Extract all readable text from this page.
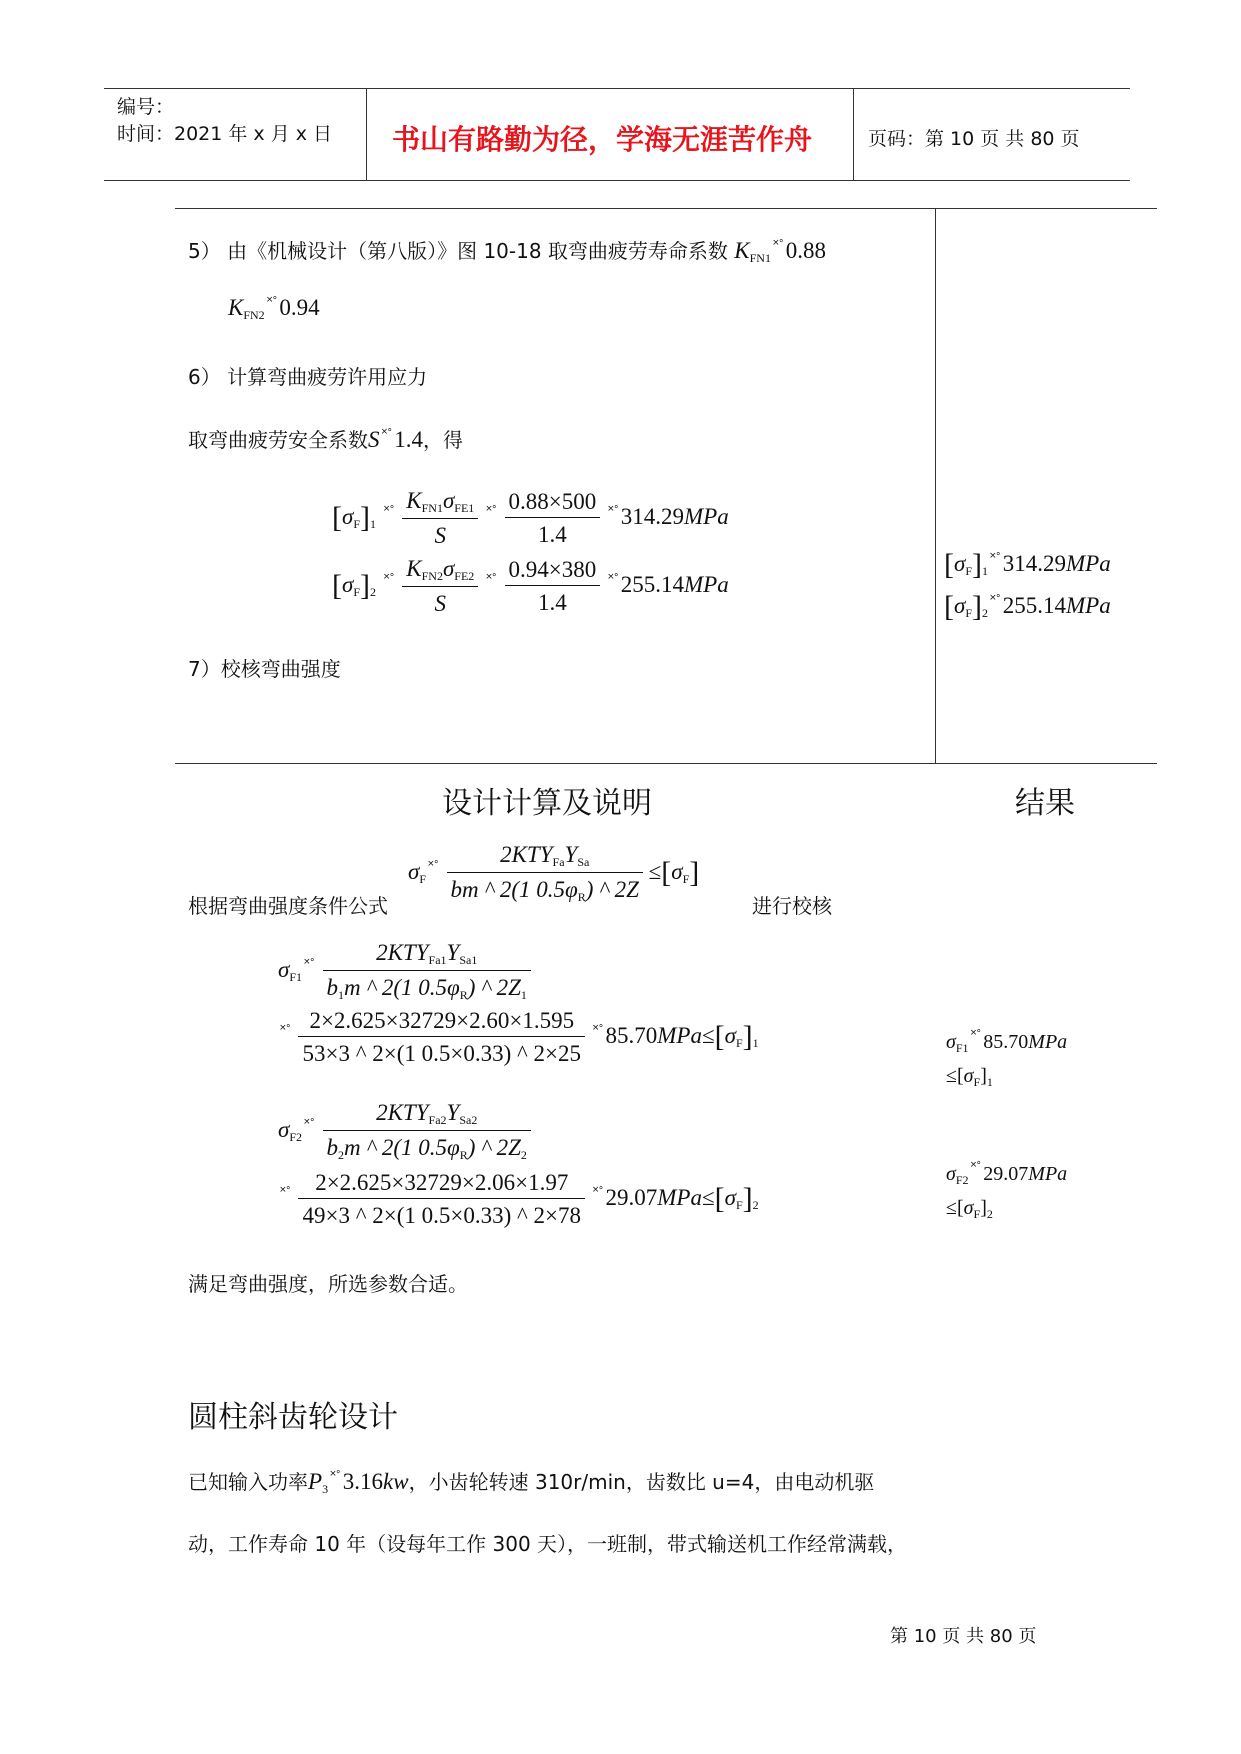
编号：
时间：2021 年 x 月 x 日 书山有路勤为径，学海无涯苦作舟	页码：第 10 页 共 80 页
5） 由《机械设计（第八版）》图 10-18 取弯曲疲劳寿命系数 $K_{FN1}^{˟˚}0.88$
$K_{FN2}^{˟˚}0.94$
6） 计算弯曲疲劳许用应力
取弯曲疲劳安全系数S ˟˚1.4，得
$[\sigma_F]_1$ $^{˟˚} \frac{K_{FN1}\sigma_{FE1}}{S} ^{˟˚} \frac{0.88\times 500}{1.4} ^{˟˚}314.29MPa$
$[\sigma_F]_2$ $^{˟˚} \frac{K_{FN2}\sigma_{FE2}}{S} ^{˟˚} \frac{0.94\times 380}{1.4} ^{˟˚}255.14MPa$
$[\sigma_F]_1^{˟˚}314.29MPa$
$[\sigma_F]_2^{˟˚}255.14MPa$
7）校核弯曲强度
设计计算及说明	结果
根据弯曲强度条件公式
$\sigma_F^{˟˚} \frac{2KTY_{Fa}Y_{Sa}}{bm \^{} 2(1 0.5\varphi_R) \^{} 2Z} \le[\sigma_F]$
进行校核
$\sigma_{F1}^{˟˚} \frac{2KTY_{Fa1}Y_{Sa1}}{b_1m \^{} 2(1 0.5\varphi_R) \^{} 2Z_1}$
$^{˟˚} \frac{2\times 2.625\times 32729\times 2.60\times 1.595}{53\times 3 \^{} 2\times(1 0.5\times 0.33) \^{} 2\times 25} ^{˟˚}85.70MPa\le[\sigma_F]_1$	$\sigma_{F1}^{˟˚}$ 85.70MPa
$\le[\sigma_F]_1$
$\sigma_{F2}^{˟˚} \frac{2KTY_{Fa2}Y_{Sa2}}{b_2m \^{} 2(1 0.5\varphi_R) \^{} 2Z_2}$
$^{˟˚} \frac{2\times 2.625\times 32729\times 2.06\times 1.97}{49\times 3 \^{} 2\times(1 0.5\times 0.33) \^{} 2\times 78} ^{˟˚}29.07MPa\le[\sigma_F]_2$
$\sigma_{F2}^{˟˚}$ 29.07MPa
$\le[\sigma_F]_2$
满足弯曲强度，所选参数合适。
圆柱斜齿轮设计
已知输入功率$P_3^{˟˚}3.16kw$，小齿轮转速 310r/min，齿数比 u=4，由电动机驱
动，工作寿命 10 年（设每年工作 300 天），一班制，带式输送机工作经常满载，
第 10 页 共 80 页
